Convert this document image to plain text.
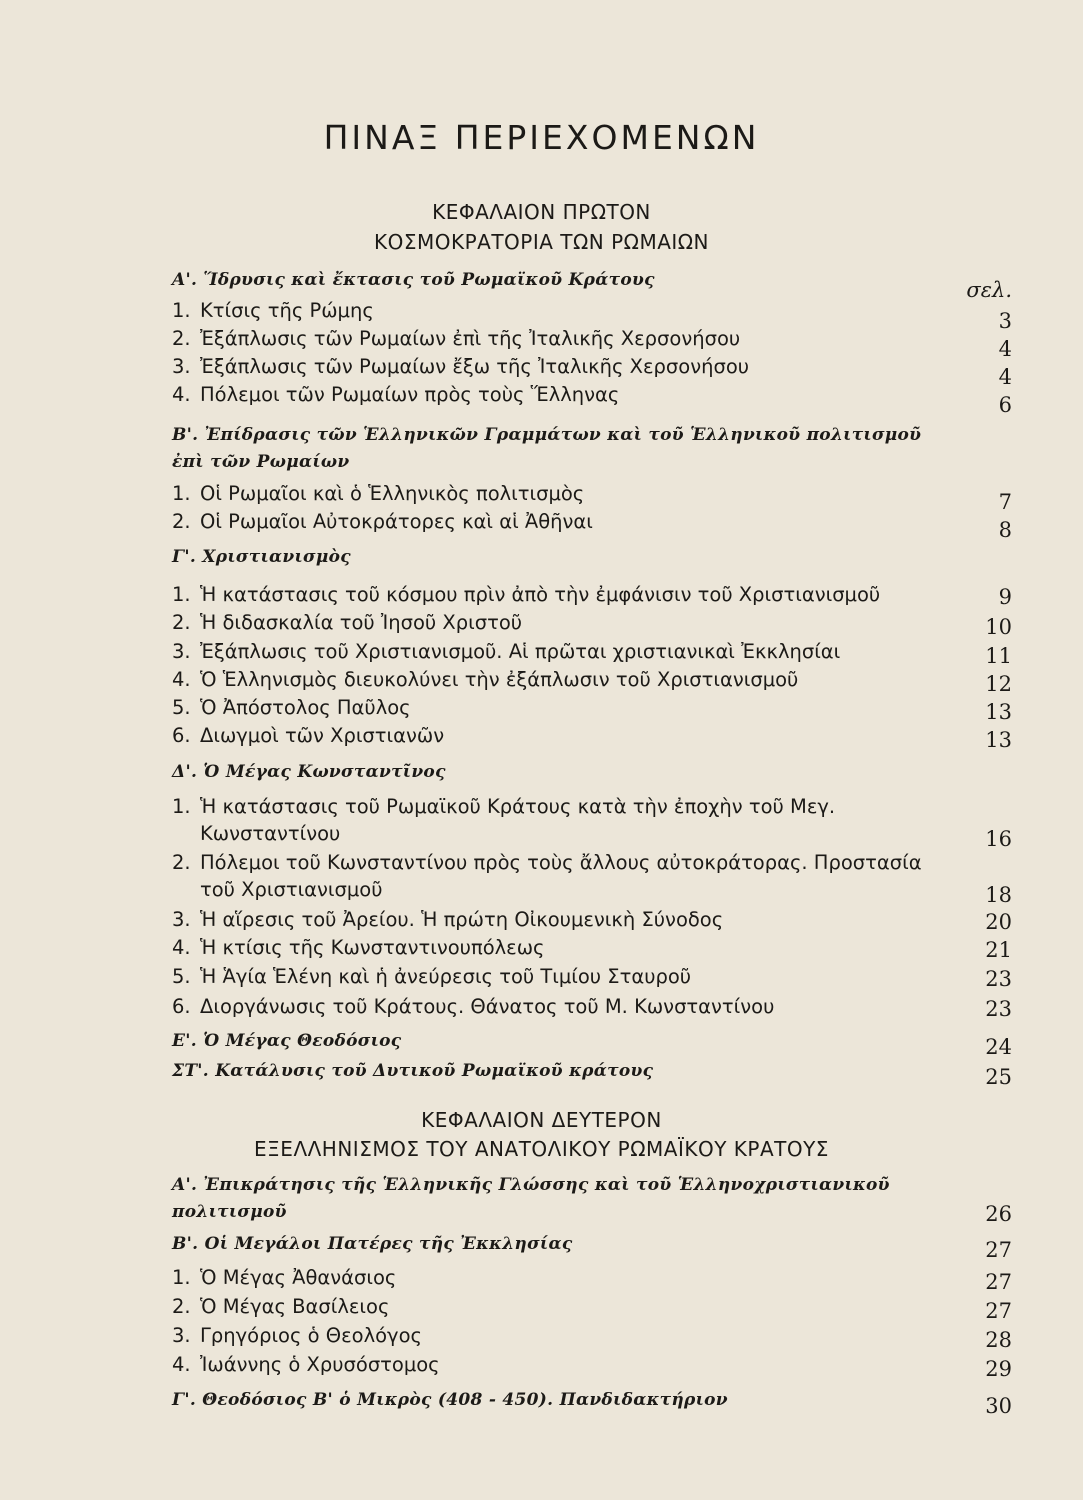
ΠΙΝΑΞ ΠΕΡΙΕΧΟΜΕΝΩΝ
ΚΕΦΑΛΑΙΟΝ ΠΡΩΤΟΝ
ΚΟΣΜΟΚΡΑΤΟΡΙΑ ΤΩΝ ΡΩΜΑΙΩΝ
Α'. Ἵδρυσις καὶ ἔκτασις τοῦ Ρωμαϊκοῦ Κράτους	σελ.
1. Κτίσις τῆς Ρώμης	3
2. Ἐξάπλωσις τῶν Ρωμαίων ἐπὶ τῆς Ἰταλικῆς Χερσονήσου	4
3. Ἐξάπλωσις τῶν Ρωμαίων ἔξω τῆς Ἰταλικῆς Χερσονήσου	4
4. Πόλεμοι τῶν Ρωμαίων πρὸς τοὺς Ἕλληνας	6
Β'. Ἐπίδρασις τῶν Ἑλληνικῶν Γραμμάτων καὶ τοῦ Ἑλληνικοῦ πολιτισμοῦ ἐπὶ τῶν Ρωμαίων
1. Οἱ Ρωμαῖοι καὶ ὁ Ἑλληνικὸς πολιτισμὸς	7
2. Οἱ Ρωμαῖοι Αὐτοκράτορες καὶ αἱ Ἀθῆναι	8
Γ'. Χριστιανισμὸς
1. Ἡ κατάστασις τοῦ κόσμου πρὶν ἀπὸ τὴν ἐμφάνισιν τοῦ Χριστιανισμοῦ	9
2. Ἡ διδασκαλία τοῦ Ἰησοῦ Χριστοῦ	10
3. Ἐξάπλωσις τοῦ Χριστιανισμοῦ. Αἱ πρῶται χριστιανικαὶ Ἐκκλησίαι	11
4. Ὁ Ἑλληνισμὸς διευκολύνει τὴν ἐξάπλωσιν τοῦ Χριστιανισμοῦ	12
5. Ὁ Ἀπόστολος Παῦλος	13
6. Διωγμοὶ τῶν Χριστιανῶν	13
Δ'. Ὁ Μέγας Κωνσταντῖνος
1. Ἡ κατάστασις τοῦ Ρωμαϊκοῦ Κράτους κατὰ τὴν ἐποχὴν τοῦ Μεγ. Κωνσταντίνου	16
2. Πόλεμοι τοῦ Κωνσταντίνου πρὸς τοὺς ἄλλους αὐτοκράτορας. Προστασία τοῦ Χριστιανισμοῦ	18
3. Ἡ αἵρεσις τοῦ Ἀρείου. Ἡ πρώτη Οἰκουμενικὴ Σύνοδος	20
4. Ἡ κτίσις τῆς Κωνσταντινουπόλεως	21
5. Ἡ Ἁγία Ἑλένη καὶ ἡ ἀνεύρεσις τοῦ Τιμίου Σταυροῦ	23
6. Διοργάνωσις τοῦ Κράτους. Θάνατος τοῦ Μ. Κωνσταντίνου	23
Ε'. Ὁ Μέγας Θεοδόσιος	24
ΣΤ'. Κατάλυσις τοῦ Δυτικοῦ Ρωμαϊκοῦ κράτους	25
ΚΕΦΑΛΑΙΟΝ ΔΕΥΤΕΡΟΝ
ΕΞΕΛΛΗΝΙΣΜΟΣ ΤΟΥ ΑΝΑΤΟΛΙΚΟΥ ΡΩΜΑΪΚΟΥ ΚΡΑΤΟΥΣ
Α'. Ἐπικράτησις τῆς Ἑλληνικῆς Γλώσσης καὶ τοῦ Ἑλληνοχριστιανικοῦ πολιτισμοῦ	26
Β'. Οἱ Μεγάλοι Πατέρες τῆς Ἐκκλησίας	27
1. Ὁ Μέγας Ἀθανάσιος	27
2. Ὁ Μέγας Βασίλειος	27
3. Γρηγόριος ὁ Θεολόγος	28
4. Ἰωάννης ὁ Χρυσόστομος	29
Γ'. Θεοδόσιος Β' ὁ Μικρὸς (408 - 450). Πανδιδακτήριον	30
